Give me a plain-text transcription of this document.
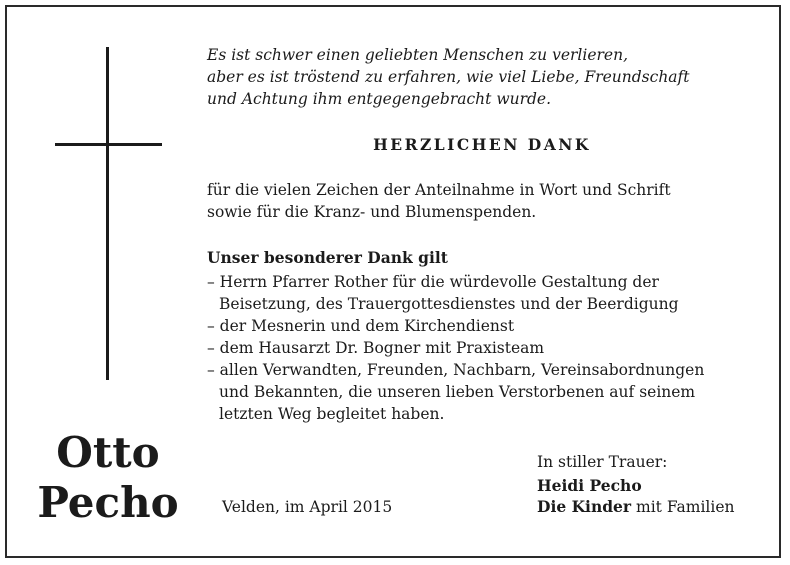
Otto
Pecho
Es ist schwer einen geliebten Menschen zu verlieren,
aber es ist tröstend zu erfahren, wie viel Liebe, Freundschaft
und Achtung ihm entgegengebracht wurde.
HERZLICHEN DANK
für die vielen Zeichen der Anteilnahme in Wort und Schrift
sowie für die Kranz- und Blumenspenden.
Unser besonderer Dank gilt
– Herrn Pfarrer Rother für die würdevolle Gestaltung der
Beisetzung, des Trauergottesdienstes und der Beerdigung
– der Mesnerin und dem Kirchendienst
– dem Hausarzt Dr. Bogner mit Praxisteam
– allen Verwandten, Freunden, Nachbarn, Vereinsabordnungen
und Bekannten, die unseren lieben Verstorbenen auf seinem
letzten Weg begleitet haben.
Velden, im April 2015
In stiller Trauer:
Heidi Pecho
Die Kinder mit Familien
